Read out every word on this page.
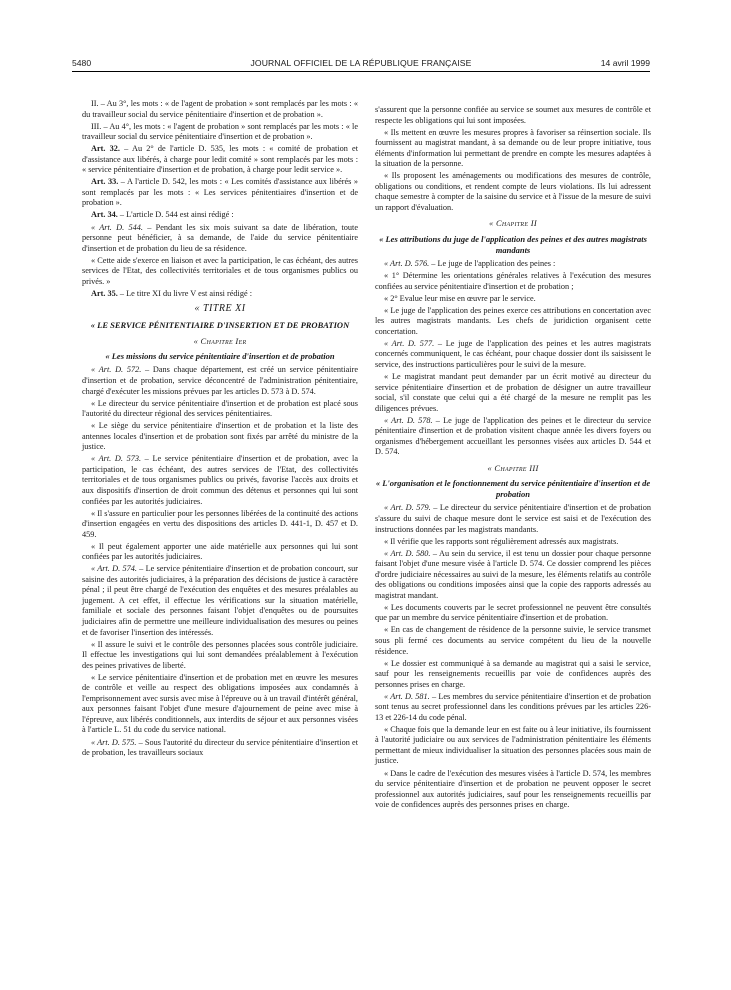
5480	JOURNAL OFFICIEL DE LA RÉPUBLIQUE FRANÇAISE	14 avril 1999

II. – Au 3°, les mots : « de l'agent de probation » sont remplacés par les mots : « du travailleur social du service pénitentiaire d'insertion et de probation ».

III. – Au 4°, les mots : « l'agent de probation » sont remplacés par les mots : « le travailleur social du service pénitentiaire d'insertion et de probation ».

Art. 32. – Au 2° de l'article D. 535, les mots : « comité de probation et d'assistance aux libérés, à charge pour ledit comité » sont remplacés par les mots : « service pénitentiaire d'insertion et de probation, à charge pour ledit service ».

Art. 33. – A l'article D. 542, les mots : « Les comités d'assistance aux libérés » sont remplacés par les mots : « Les services pénitentiaires d'insertion et de probation ».

Art. 34. – L'article D. 544 est ainsi rédigé :

« Art. D. 544. – Pendant les six mois suivant sa date de libération, toute personne peut bénéficier, à sa demande, de l'aide du service pénitentiaire d'insertion et de probation du lieu de sa résidence.

« Cette aide s'exerce en liaison et avec la participation, le cas échéant, des autres services de l'Etat, des collectivités territoriales et de tous organismes publics ou privés. »

Art. 35. – Le titre XI du livre V est ainsi rédigé :

« TITRE XI
« LE SERVICE PÉNITENTIAIRE D'INSERTION ET DE PROBATION
« Chapitre Ier
« Les missions du service pénitentiaire d'insertion et de probation

« Art. D. 572. – Dans chaque département, est créé un service pénitentiaire d'insertion et de probation, service déconcentré de l'administration pénitentiaire, chargé d'exécuter les missions prévues par les articles D. 573 à D. 574.

« Le directeur du service pénitentiaire d'insertion et de probation est placé sous l'autorité du directeur régional des services pénitentiaires.

« Le siège du service pénitentiaire d'insertion et de probation et la liste des antennes locales d'insertion et de probation sont fixés par arrêté du ministre de la justice.

« Art. D. 573. – Le service pénitentiaire d'insertion et de probation, avec la participation, le cas échéant, des autres services de l'Etat, des collectivités territoriales et de tous organismes publics ou privés, favorise l'accès aux droits et aux dispositifs d'insertion de droit commun des détenus et personnes qui lui sont confiées par les autorités judiciaires.

« Il s'assure en particulier pour les personnes libérées de la continuité des actions d'insertion engagées en vertu des dispositions des articles D. 441-1, D. 457 et D. 459.

« Il peut également apporter une aide matérielle aux personnes qui lui sont confiées par les autorités judiciaires.

« Art. D. 574. – Le service pénitentiaire d'insertion et de probation concourt, sur saisine des autorités judiciaires, à la préparation des décisions de justice à caractère pénal ; il peut être chargé de l'exécution des enquêtes et des mesures préalables au jugement. A cet effet, il effectue les vérifications sur la situation matérielle, familiale et sociale des personnes faisant l'objet d'enquêtes ou de poursuites judiciaires afin de permettre une meilleure individualisation des mesures ou peines et de favoriser l'insertion des intéressés.

« Il assure le suivi et le contrôle des personnes placées sous contrôle judiciaire. Il effectue les investigations qui lui sont demandées préalablement à l'exécution des peines privatives de liberté.

« Le service pénitentiaire d'insertion et de probation met en œuvre les mesures de contrôle et veille au respect des obligations imposées aux condamnés à l'emprisonnement avec sursis avec mise à l'épreuve ou à un travail d'intérêt général, aux personnes faisant l'objet d'une mesure d'ajournement de peine avec mise à l'épreuve, aux libérés conditionnels, aux interdits de séjour et aux personnes visées à l'article L. 51 du code du service national.

« Art. D. 575. – Sous l'autorité du directeur du service pénitentiaire d'insertion et de probation, les travailleurs sociaux

s'assurent que la personne confiée au service se soumet aux mesures de contrôle et respecte les obligations qui lui sont imposées.

« Ils mettent en œuvre les mesures propres à favoriser sa réinsertion sociale. Ils fournissent au magistrat mandant, à sa demande ou de leur propre initiative, tous éléments d'information lui permettant de prendre en compte les mesures adaptées à la situation de la personne.

« Ils proposent les aménagements ou modifications des mesures de contrôle, obligations ou conditions, et rendent compte de leurs violations. Ils lui adressent chaque semestre à compter de la saisine du service et à l'issue de la mesure de suivi un rapport d'évaluation.

« Chapitre II
« Les attributions du juge de l'application des peines et des autres magistrats mandants

« Art. D. 576. – Le juge de l'application des peines :

« 1° Détermine les orientations générales relatives à l'exécution des mesures confiées au service pénitentiaire d'insertion et de probation ;

« 2° Evalue leur mise en œuvre par le service.

« Le juge de l'application des peines exerce ces attributions en concertation avec les autres magistrats mandants. Les chefs de juridiction organisent cette concertation.

« Art. D. 577. – Le juge de l'application des peines et les autres magistrats concernés communiquent, le cas échéant, pour chaque dossier dont ils saisissent le service, des instructions particulières pour le suivi de la mesure.

« Le magistrat mandant peut demander par un écrit motivé au directeur du service pénitentiaire d'insertion et de probation de désigner un autre travailleur social, s'il constate que celui qui a été chargé de la mesure ne remplit pas les diligences prévues.

« Art. D. 578. – Le juge de l'application des peines et le directeur du service pénitentiaire d'insertion et de probation visitent chaque année les divers foyers ou organismes d'hébergement accueillant les personnes visées aux articles D. 544 et D. 574.

« Chapitre III
« L'organisation et le fonctionnement du service pénitentiaire d'insertion et de probation

« Art. D. 579. – Le directeur du service pénitentiaire d'insertion et de probation s'assure du suivi de chaque mesure dont le service est saisi et de l'exécution des instructions données par les magistrats mandants.

« Il vérifie que les rapports sont régulièrement adressés aux magistrats.

« Art. D. 580. – Au sein du service, il est tenu un dossier pour chaque personne faisant l'objet d'une mesure visée à l'article D. 574. Ce dossier comprend les pièces d'ordre judiciaire nécessaires au suivi de la mesure, les éléments relatifs au contrôle des obligations ou conditions imposées ainsi que la copie des rapports adressés au magistrat mandant.

« Les documents couverts par le secret professionnel ne peuvent être consultés que par un membre du service pénitentiaire d'insertion et de probation.

« En cas de changement de résidence de la personne suivie, le service transmet sous pli fermé ces documents au service compétent du lieu de la nouvelle résidence.

« Le dossier est communiqué à sa demande au magistrat qui a saisi le service, sauf pour les renseignements recueillis par voie de confidences auprès des personnes prises en charge.

« Art. D. 581. – Les membres du service pénitentiaire d'insertion et de probation sont tenus au secret professionnel dans les conditions prévues par les articles 226-13 et 226-14 du code pénal.

« Chaque fois que la demande leur en est faite ou à leur initiative, ils fournissent à l'autorité judiciaire ou aux services de l'administration pénitentiaire les éléments permettant de mieux individualiser la situation des personnes placées sous main de justice.

« Dans le cadre de l'exécution des mesures visées à l'article D. 574, les membres du service pénitentiaire d'insertion et de probation ne peuvent opposer le secret professionnel aux autorités judiciaires, sauf pour les renseignements recueillis par voie de confidences auprès des personnes prises en charge.
